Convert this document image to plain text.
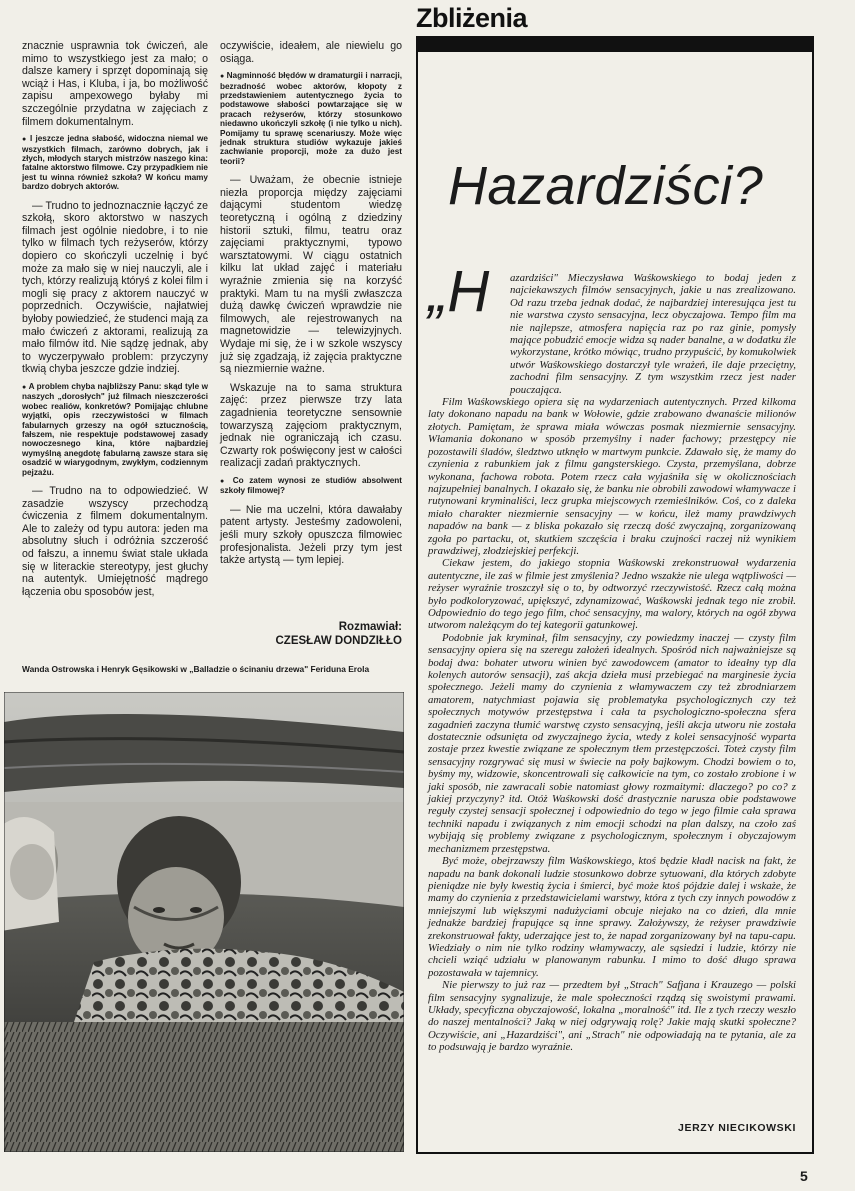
Zbliżenia

znacznie usprawnia tok ćwiczeń, ale mimo to wszystkiego jest za mało; o dalsze kamery i sprzęt dopominają się wciąż i Has, i Kluba, i ja, bo możliwość zapisu ampexowego byłaby mi szczególnie przydatna w zajęciach z filmem dokumentalnym.

● I jeszcze jedna słabość, widoczna niemal we wszystkich filmach, zarówno dobrych, jak i złych, młodych starych mistrzów naszego kina: fatalne aktorstwo filmowe. Czy przypadkiem nie jest tu winna również szkoła? W końcu mamy bardzo dobrych aktorów.

— Trudno to jednoznacznie łączyć ze szkołą, skoro aktorstwo w naszych filmach jest ogólnie niedobre, i to nie tylko w filmach tych reżyserów, którzy dopiero co skończyli uczelnię i być może za mało się w niej nauczyli, ale i tych, którzy realizują któryś z kolei film i mogli się pracy z aktorem nauczyć w poprzednich. Oczywiście, najłatwiej byłoby powiedzieć, że studenci mają za mało ćwiczeń z aktorami, realizują za mało filmów itd. Nie sądzę jednak, aby to wyczerpywało problem: przyczyny tkwią chyba jeszcze gdzie indziej.

● A problem chyba najbliższy Panu: skąd tyle w naszych „dorosłych" już filmach nieszczerości wobec realiów, konkretów? Pomijając chlubne wyjątki, opis rzeczywistości w filmach fabularnych grzeszy na ogół sztucznością, fałszem, nie respektuje podstawowej zasady nowoczesnego kina, które najbardziej wymyślną anegdotę fabularną zawsze stara się osadzić w wiarygodnym, zwykłym, codziennym pejzażu.

— Trudno na to odpowiedzieć. W zasadzie wszyscy przechodzą ćwiczenia z filmem dokumentalnym. Ale to zależy od typu autora: jeden ma absolutny słuch i odróżnia szczerość od fałszu, a innemu świat stale układa się w literackie stereotypy, jest głuchy na autentyk. Umiejętność mądrego łączenia obu sposobów jest,

oczywiście, ideałem, ale niewielu go osiąga.

● Nagminność błędów w dramaturgii i narracji, bezradność wobec aktorów, kłopoty z przedstawieniem autentycznego życia to podstawowe słabości powtarzające się w pracach reżyserów, którzy stosunkowo niedawno ukończyli szkołę (i nie tylko u nich). Pomijamy tu sprawę scenariuszy. Może więc jednak struktura studiów wykazuje jakieś zachwianie proporcji, może za dużo jest teorii?

— Uważam, że obecnie istnieje niezła proporcja między zajęciami dającymi studentom wiedzę teoretyczną i ogólną z dziedziny historii sztuki, filmu, teatru oraz zajęciami praktycznymi, typowo warsztatowymi. W ciągu ostatnich kilku lat układ zajęć i materiału wyraźnie zmienia się na korzyść praktyki. Mam tu na myśli zwłaszcza dużą dawkę ćwiczeń wprawdzie nie filmowych, ale rejestrowanych na magnetowidzie — telewizyjnych. Wydaje mi się, że i w szkole wszyscy już się zgadzają, iż zajęcia praktyczne są niezmiernie ważne.

Wskazuje na to sama struktura zajęć: przez pierwsze trzy lata zagadnienia teoretyczne sensownie towarzyszą zajęciom praktycznym, jednak nie ograniczają ich czasu. Czwarty rok poświęcony jest w całości realizacji zadań praktycznych.

● Co zatem wynosi ze studiów absolwent szkoły filmowej?

— Nie ma uczelni, która dawałaby patent artysty. Jesteśmy zadowoleni, jeśli mury szkoły opuszcza filmowiec profesjonalista. Jeżeli przy tym jest także artystą — tym lepiej.

Rozmawiał:
CZESŁAW DONDZIŁŁO
Wanda Ostrowska i Henryk Gęsikowski w „Balladzie o ścinaniu drzewa" Feriduna Erola
Hazardziści?
„H azardziści" Mieczysława Waśkowskiego to bodaj jeden z najciekawszych filmów sensacyjnych, jakie u nas zrealizowano. Od razu trzeba jednak dodać, że najbardziej interesująca jest tu nie warstwa czysto sensacyjna, lecz obyczajowa. Tempo film ma nie najlepsze, atmosfera napięcia raz po raz ginie, pomysły mające pobudzić emocje widza są nader banalne, a w dodatku źle wykorzystane, krótko mówiąc, trudno przypuścić, by komukolwiek utwór Waśkowskiego dostarczył tyle wrażeń, ile daje przeciętny, zachodni film sensacyjny. Z tym wszystkim rzecz jest nader pouczająca.

Film Waśkowskiego opiera się na wydarzeniach autentycznych. Przed kilkoma laty dokonano napadu na bank w Wołowie, gdzie zrabowano dwanaście milionów złotych. Pamiętam, że sprawa miała wówczas posmak niezmiernie sensacyjny. Włamania dokonano w sposób przemyślny i nader fachowy; przestępcy nie pozostawili śladów, śledztwo utknęło w martwym punkcie. Zdawało się, że mamy do czynienia z rabunkiem jak z filmu gangsterskiego. Czysta, przemyślana, dobrze wykonana, fachowa robota. Potem rzecz cała wyjaśniła się w okolicznościach najzupełniej banalnych. I okazało się, że banku nie obrobili zawodowi włamywacze i rutynowani kryminaliści, lecz grupka miejscowych rzemieślników. Coś, co z daleka miało charakter niezmiernie sensacyjny — w końcu, ileż mamy prawdziwych napadów na bank — z bliska pokazało się rzeczą dość zwyczajną, zorganizowaną zgoła po partacku, ot, skutkiem szczęścia i braku czujności raczej niż wynikiem prawdziwej, złodziejskiej perfekcji.

Ciekaw jestem, do jakiego stopnia Waśkowski zrekonstruował wydarzenia autentyczne, ile zaś w filmie jest zmyślenia? Jedno wszakże nie ulega wątpliwości — reżyser wyraźnie troszczył się o to, by odtworzyć rzeczywistość. Rzecz całą można było podkoloryzować, upiększyć, zdynamizować, Waśkowski jednak tego nie zrobił. Odpowiednio do tego jego film, choć sensacyjny, ma walory, których na ogół zbywa utworom należącym do tej kategorii gatunkowej.

Podobnie jak kryminał, film sensacyjny, czy powiedzmy inaczej — czysty film sensacyjny opiera się na szeregu założeń idealnych. Spośród nich najważniejsze są bodaj dwa: bohater utworu winien być zawodowcem (amator to ideałny typ dla kolenych autorów sensacji), zaś akcja dzieła musi przebiegać na marginesie życia społecznego. Jeżeli mamy do czynienia z włamywaczem czy też zbrodniarzem amatorem, natychmiast pojawia się problematyka psychologicznych czy też społecznych motywów przestępstwa i cała ta psychologiczno-społeczna sfera zagadnień zaczyna tłumić warstwę czysto sensacyjną, jeśli akcja utworu nie została dostatecznie odsunięta od zwyczajnego życia, wtedy z kolei sensacyjność wyparta zostaje przez kwestie związane ze społecznym tłem przestępczości. Toteż czysty film sensacyjny rozgrywać się musi w świecie na poły bajkowym. Chodzi bowiem o to, byśmy my, widzowie, skoncentrowali się całkowicie na tym, co zostało zrobione i w jaki sposób, nie zawracali sobie natomiast głowy rozmaitymi: dlaczego? po co? z jakiej przyczyny? itd. Otóż Waśkowski dość drastycznie narusza obie podstawowe reguły czystej sensacji społecznej i odpowiednio do tego w jego filmie cała sprawa techniki napadu i związanych z nim emocji schodzi na plan dalszy, na czoło zaś wybijają się problemy związane z psychologicznym, społecznym i obyczajowym mechanizmem przestępstwa.

Być może, obejrzawszy film Waśkowskiego, ktoś będzie kładł nacisk na fakt, że napadu na bank dokonali ludzie stosunkowo dobrze sytuowani, dla których zdobyte pieniądze nie były kwestią życia i śmierci, być może ktoś pójdzie dalej i wskaże, że mamy do czynienia z przedstawicielami warstwy, która z tych czy innych powodów z mniejszymi lub większymi nadużyciami obcuje niejako na co dzień, dla mnie jednakże bardziej frapujące są inne sprawy. Założywszy, że reżyser prawdziwie zrekonstruował fakty, uderzające jest to, że napad zorganizowany był na tapu-capu. Wiedziały o nim nie tylko rodziny włamywaczy, ale sąsiedzi i ludzie, którzy nie chcieli wziąć udziału w planowanym rabunku. I mimo to dość długo sprawa pozostawała w tajemnicy.

Nie pierwszy to już raz — przedtem był „Strach" Safjana i Krauzego — polski film sensacyjny sygnalizuje, że male społeczności rządzą się swoistymi prawami. Układy, specyficzna obyczajowość, lokalna „moralność" itd. Ile z tych rzeczy weszło do naszej mentalności? Jaką w niej odgrywają rolę? Jakie mają skutki społeczne? Oczywiście, ani „Hazardziści", ani „Strach" nie odpowiadają na te pytania, ale za to podsuwają je bardzo wyraźnie.

JERZY NIECIKOWSKI
5
